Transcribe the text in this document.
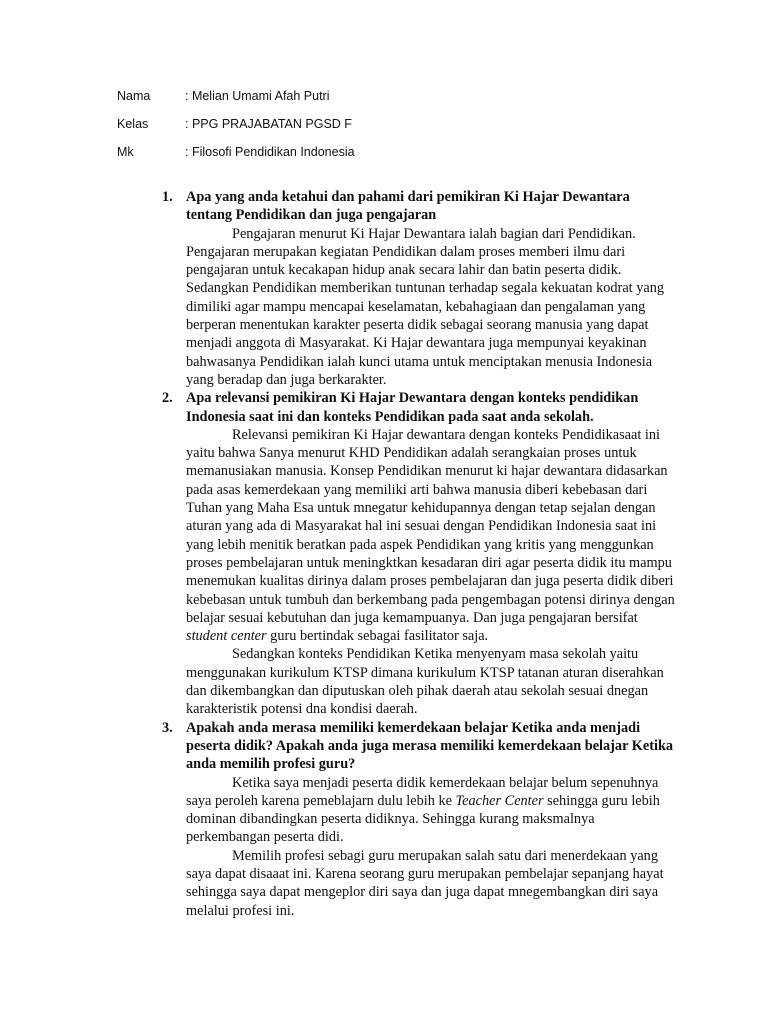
Nama	: Melian Umami Afah Putri
Kelas	: PPG PRAJABATAN PGSD F
Mk	: Filosofi Pendidikan Indonesia
1. Apa yang anda ketahui dan pahami dari pemikiran Ki Hajar Dewantara tentang Pendidikan dan juga pengajaran

Pengajaran menurut Ki Hajar Dewantara ialah bagian dari Pendidikan. Pengajaran merupakan kegiatan Pendidikan dalam proses memberi ilmu dari pengajaran untuk kecakapan hidup anak secara lahir dan batin peserta didik. Sedangkan Pendidikan memberikan tuntunan terhadap segala kekuatan kodrat yang dimiliki agar mampu mencapai keselamatan, kebahagiaan dan pengalaman yang berperan menentukan karakter peserta didik sebagai seorang manusia yang dapat menjadi anggota di Masyarakat. Ki Hajar dewantara juga mempunyai keyakinan bahwasanya Pendidikan ialah kunci utama untuk menciptakan menusia Indonesia yang beradap dan juga berkarakter.

2. Apa relevansi pemikiran Ki Hajar Dewantara dengan konteks pendidikan Indonesia saat ini dan konteks Pendidikan pada saat anda sekolah.

Relevansi pemikiran Ki Hajar dewantara dengan konteks Pendidikasaat ini yaitu bahwa Sanya menurut KHD Pendidikan adalah serangkaian proses untuk memanusiakan manusia. Konsep Pendidikan menurut ki hajar dewantara didasarkan pada asas kemerdekaan yang memiliki arti bahwa manusia diberi kebebasan dari Tuhan yang Maha Esa untuk mnegatur kehidupannya dengan tetap sejalan dengan aturan yang ada di Masyarakat hal ini sesuai dengan Pendidikan Indonesia saat ini yang lebih menitik beratkan pada aspek Pendidikan yang kritis yang menggunkan proses pembelajaran untuk meningktkan kesadaran diri agar peserta didik itu mampu menemukan kualitas dirinya dalam proses pembelajaran dan juga peserta didik diberi kebebasan untuk tumbuh dan berkembang pada pengembagan potensi dirinya dengan belajar sesuai kebutuhan dan juga kemampuanya. Dan juga pengajaran bersifat student center guru bertindak sebagai fasilitator saja.

Sedangkan konteks Pendidikan Ketika menyenyam masa sekolah yaitu menggunakan kurikulum KTSP dimana kurikulum KTSP tatanan aturan diserahkan dan dikembangkan dan diputuskan oleh pihak daerah atau sekolah sesuai dnegan karakteristik potensi dna kondisi daerah.

3. Apakah anda merasa memiliki kemerdekaan belajar Ketika anda menjadi peserta didik? Apakah anda juga merasa memiliki kemerdekaan belajar Ketika anda memilih profesi guru?

Ketika saya menjadi peserta didik kemerdekaan belajar belum sepenuhnya saya peroleh karena pemeblajarn dulu lebih ke Teacher Center sehingga guru lebih dominan dibandingkan peserta didiknya. Sehingga kurang maksmalnya perkembangan peserta didi.

Memilih profesi sebagi guru merupakan salah satu dari menerdekaan yang saya dapat disaaat ini. Karena seorang guru merupakan pembelajar sepanjang hayat sehingga saya dapat mengeplor diri saya dan juga dapat mnegembangkan diri saya melalui profesi ini.
